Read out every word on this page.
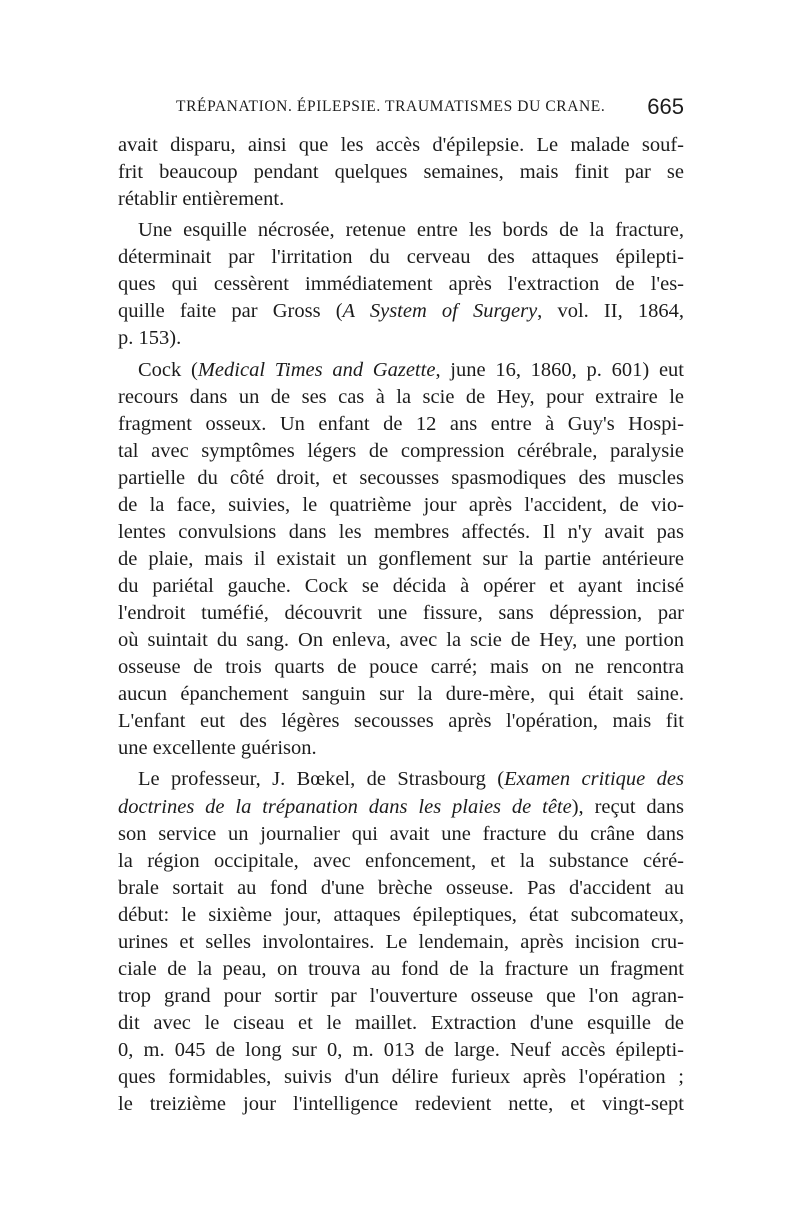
TRÉPANATION. ÉPILEPSIE. TRAUMATISMES DU CRANE. 665
avait disparu, ainsi que les accès d'épilepsie. Le malade souf-
frit beaucoup pendant quelques semaines, mais finit par se
rétablir entièrement.
Une esquille nécrosée, retenue entre les bords de la fracture,
déterminait par l'irritation du cerveau des attaques épilepti-
ques qui cessèrent immédiatement après l'extraction de l'es-
quille faite par Gross (A System of Surgery, vol. II, 1864,
p. 153).
Cock (Medical Times and Gazette, june 16, 1860, p. 601) eut
recours dans un de ses cas à la scie de Hey, pour extraire le
fragment osseux. Un enfant de 12 ans entre à Guy's Hospi-
tal avec symptômes légers de compression cérébrale, paralysie
partielle du côté droit, et secousses spasmodiques des muscles
de la face, suivies, le quatrième jour après l'accident, de vio-
lentes convulsions dans les membres affectés. Il n'y avait pas
de plaie, mais il existait un gonflement sur la partie antérieure
du pariétal gauche. Cock se décida à opérer et ayant incisé
l'endroit tuméfié, découvrit une fissure, sans dépression, par
où suintait du sang. On enleva, avec la scie de Hey, une portion
osseuse de trois quarts de pouce carré; mais on ne rencontra
aucun épanchement sanguin sur la dure-mère, qui était saine.
L'enfant eut des légères secousses après l'opération, mais fit
une excellente guérison.
Le professeur, J. Bœkel, de Strasbourg (Examen critique des
doctrines de la trépanation dans les plaies de tête), reçut dans
son service un journalier qui avait une fracture du crâne dans
la région occipitale, avec enfoncement, et la substance céré-
brale sortait au fond d'une brèche osseuse. Pas d'accident au
début: le sixième jour, attaques épileptiques, état subcomateux,
urines et selles involontaires. Le lendemain, après incision cru-
ciale de la peau, on trouva au fond de la fracture un fragment
trop grand pour sortir par l'ouverture osseuse que l'on agran-
dit avec le ciseau et le maillet. Extraction d'une esquille de
0, m. 045 de long sur 0, m. 013 de large. Neuf accès épilepti-
ques formidables, suivis d'un délire furieux après l'opération ;
le treizième jour l'intelligence redevient nette, et vingt-sept
